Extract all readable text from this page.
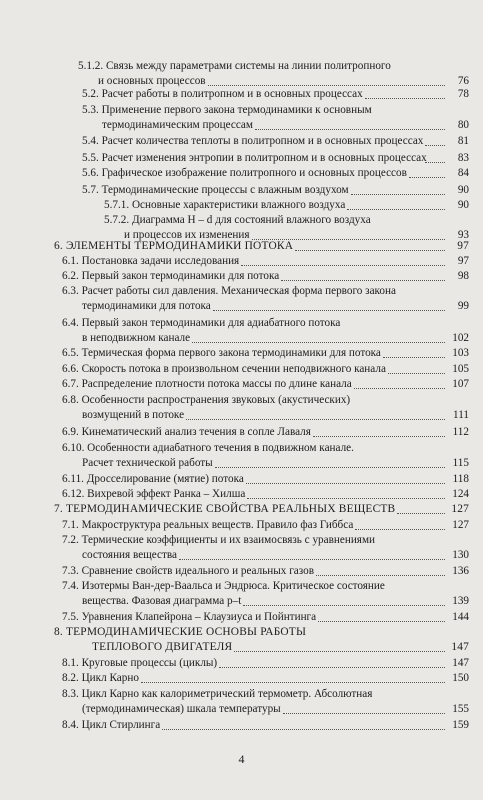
5.1.2. Связь между параметрами системы на линии политропного
и основных процессов	76
5.2. Расчет работы в политропном и в основных процессах	78
5.3. Применение первого закона термодинамики к основным
термодинамическим процессам	80
5.4. Расчет количества теплоты в политропном и в основных процессах	81
5.5. Расчет изменения энтропии в политропном и в основных процессах	83
5.6. Графическое изображение политропного и основных процессов	84
5.7. Термодинамические процессы с влажным воздухом	90
5.7.1. Основные характеристики влажного воздуха	90
5.7.2. Диаграмма H – d для состояний влажного воздуха
и процессов их изменения	93
6. ЭЛЕМЕНТЫ ТЕРМОДИНАМИКИ ПОТОКА	97
6.1. Постановка задачи исследования	97
6.2. Первый закон термодинамики для потока	98
6.3. Расчет работы сил давления. Механическая форма первого закона
термодинамики для потока	99
6.4. Первый закон термодинамики для адиабатного потока
в неподвижном канале	102
6.5. Термическая форма первого закона термодинамики для потока	103
6.6. Скорость потока в произвольном сечении неподвижного канала	105
6.7. Распределение плотности потока массы по длине канала	107
6.8. Особенности распространения звуковых (акустических)
возмущений в потоке	111
6.9. Кинематический анализ течения в сопле Лаваля	112
6.10. Особенности адиабатного течения в подвижном канале.
Расчет технической работы	115
6.11. Дросселирование (мятие) потока	118
6.12. Вихревой эффект Ранка – Хилша	124
7. ТЕРМОДИНАМИЧЕСКИЕ СВОЙСТВА РЕАЛЬНЫХ ВЕЩЕСТВ	127
7.1. Макроструктура реальных веществ. Правило фаз Гиббса	127
7.2. Термические коэффициенты и их взаимосвязь с уравнениями
состояния вещества	130
7.3. Сравнение свойств идеального и реальных газов	136
7.4. Изотермы Ван-дер-Ваальса и Эндрюса. Критическое состояние
вещества. Фазовая диаграмма p–t	139
7.5. Уравнения Клапейрона – Клаузиуса и Пойнтинга	144
8. ТЕРМОДИНАМИЧЕСКИЕ ОСНОВЫ РАБОТЫ
ТЕПЛОВОГО ДВИГАТЕЛЯ	147
8.1. Круговые процессы (циклы)	147
8.2. Цикл Карно	150
8.3. Цикл Карно как калориметрический термометр. Абсолютная
(термодинамическая) шкала температуры	155
8.4. Цикл Стирлинга	159
4
